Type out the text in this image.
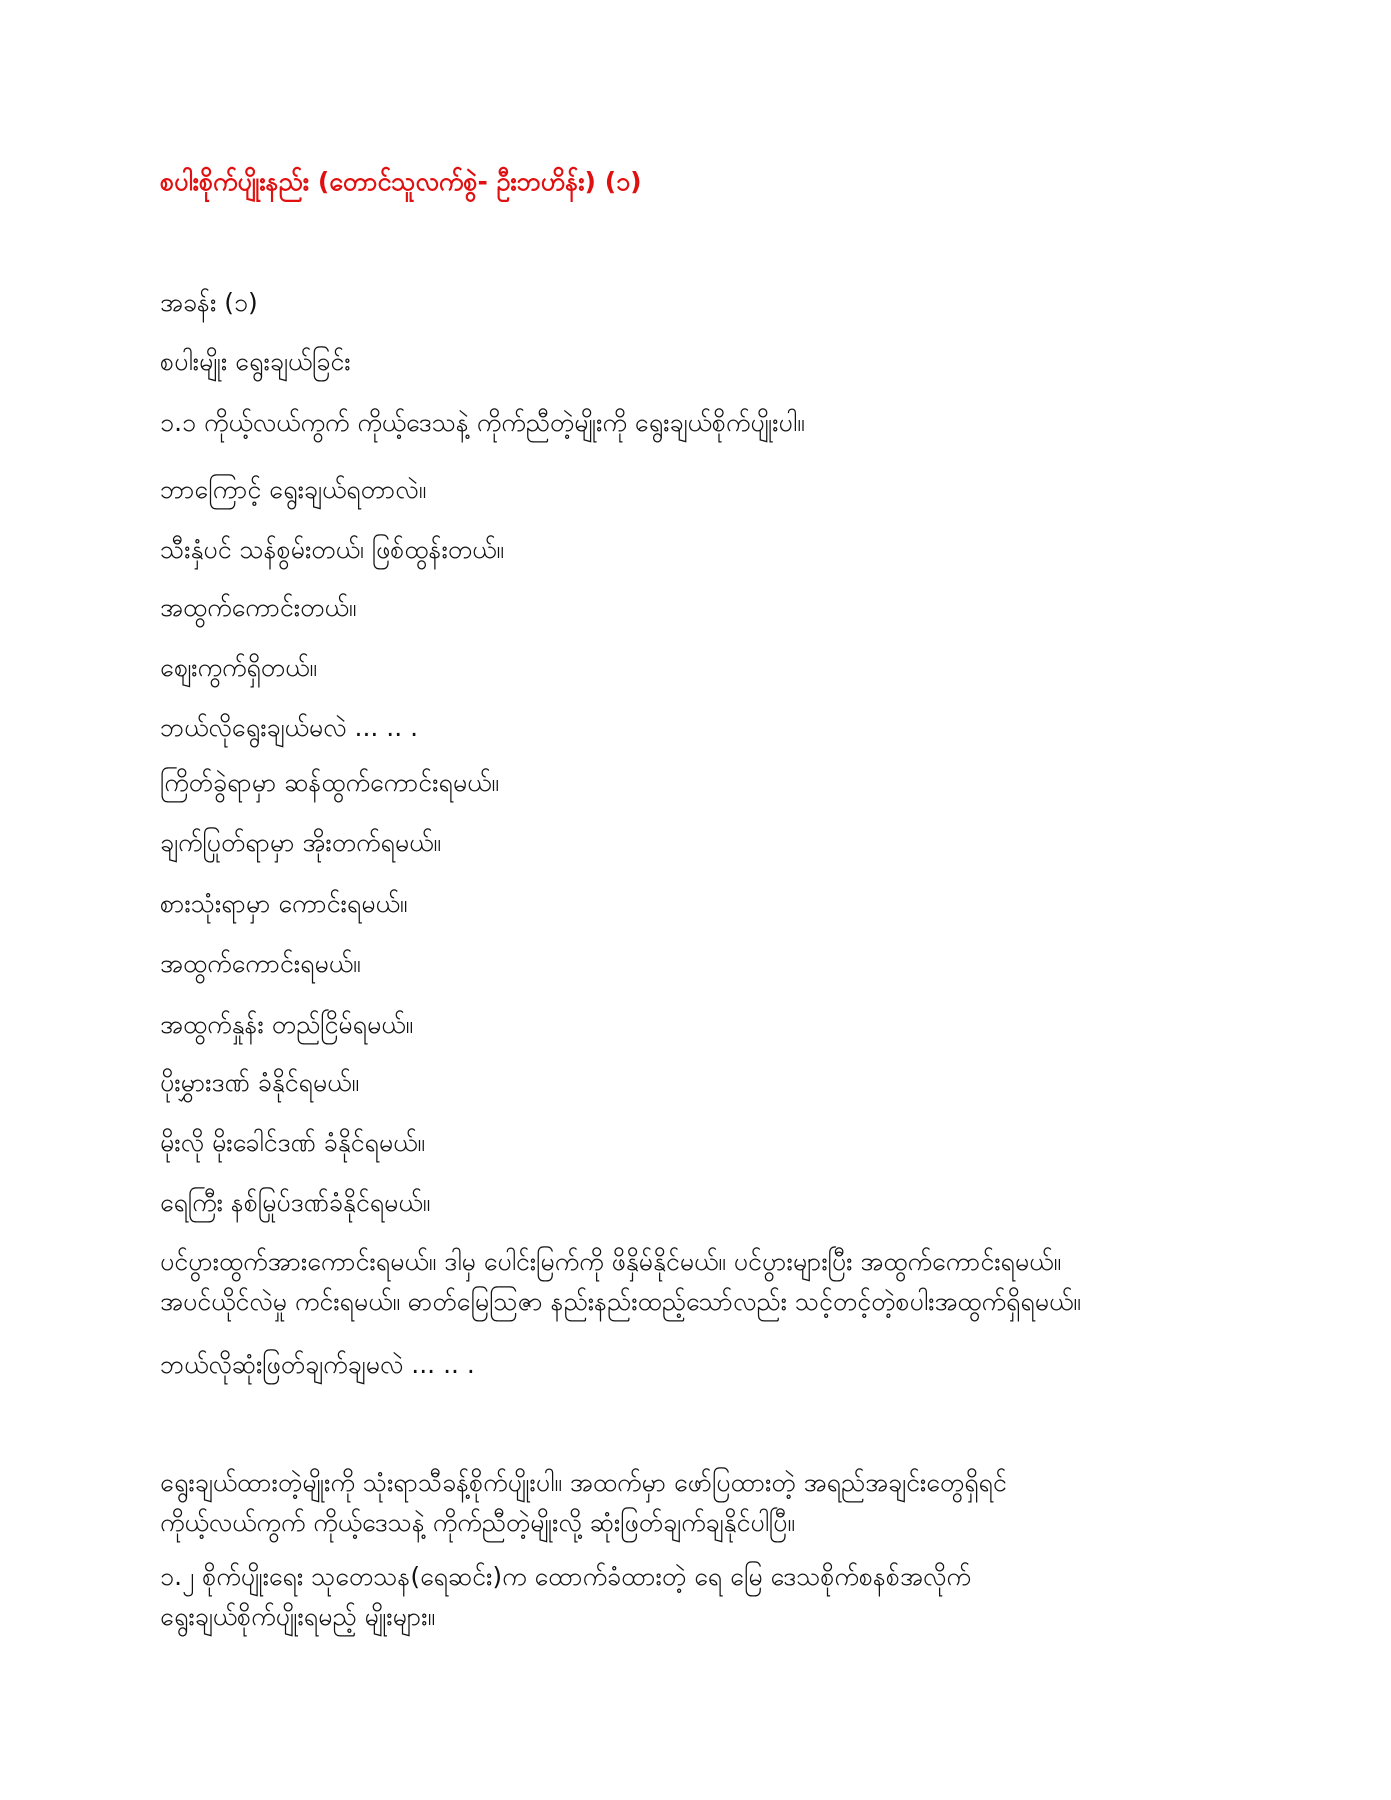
စပါးစိုက်ပျိုးနည်း (တောင်သူလက်စွဲ- ဦးဘဟိန်း) (၁)
အခန်း (၁)
စပါးမျိုး ရွေးချယ်ခြင်း
၁.၁ ကိုယ့်လယ်ကွက် ကိုယ့်ဒေသနဲ့ ကိုက်ညီတဲ့မျိုးကို ရွေးချယ်စိုက်ပျိုးပါ။
ဘာကြောင့် ရွေးချယ်ရတာလဲ။
သီးနှံပင် သန်စွမ်းတယ်၊ ဖြစ်ထွန်းတယ်။
အထွက်ကောင်းတယ်။
ဈေးကွက်ရှိတယ်။
ဘယ်လိုရွေးချယ်မလဲ ... .. .
ကြိတ်ခွဲရာမှာ ဆန်ထွက်ကောင်းရမယ်။
ချက်ပြုတ်ရာမှာ အိုးတက်ရမယ်။
စားသုံးရာမှာ ကောင်းရမယ်။
အထွက်ကောင်းရမယ်။
အထွက်နှုန်း တည်ငြိမ်ရမယ်။
ပိုးမွှားဒဏ် ခံနိုင်ရမယ်။
မိုးလို မိုးခေါင်ဒဏ် ခံနိုင်ရမယ်။
ရေကြီး နစ်မြုပ်ဒဏ်ခံနိုင်ရမယ်။
ပင်ပွားထွက်အားကောင်းရမယ်။ ဒါမှ ပေါင်းမြက်ကို ဖိနှိမ်နိုင်မယ်။ ပင်ပွားများပြီး အထွက်ကောင်းရမယ်။
အပင်ယိုင်လဲမှု ကင်းရမယ်။ ဓာတ်မြေသြဇာ နည်းနည်းထည့်သော်လည်း သင့်တင့်တဲ့စပါးအထွက်ရှိရမယ်။
ဘယ်လိုဆုံးဖြတ်ချက်ချမလဲ ... .. .
ရွေးချယ်ထားတဲ့မျိုးကို သုံးရာသီခန့်စိုက်ပျိုးပါ။ အထက်မှာ ဖော်ပြထားတဲ့ အရည်အချင်းတွေရှိရင်
ကိုယ့်လယ်ကွက် ကိုယ့်ဒေသနဲ့ ကိုက်ညီတဲ့မျိုးလို့ ဆုံးဖြတ်ချက်ချနိုင်ပါပြီ။
၁.၂ စိုက်ပျိုးရေး သုတေသန(ရေဆင်း)က ထောက်ခံထားတဲ့ ရေ မြေ ဒေသစိုက်စနစ်အလိုက်
ရွေးချယ်စိုက်ပျိုးရမည့် မျိုးများ။
